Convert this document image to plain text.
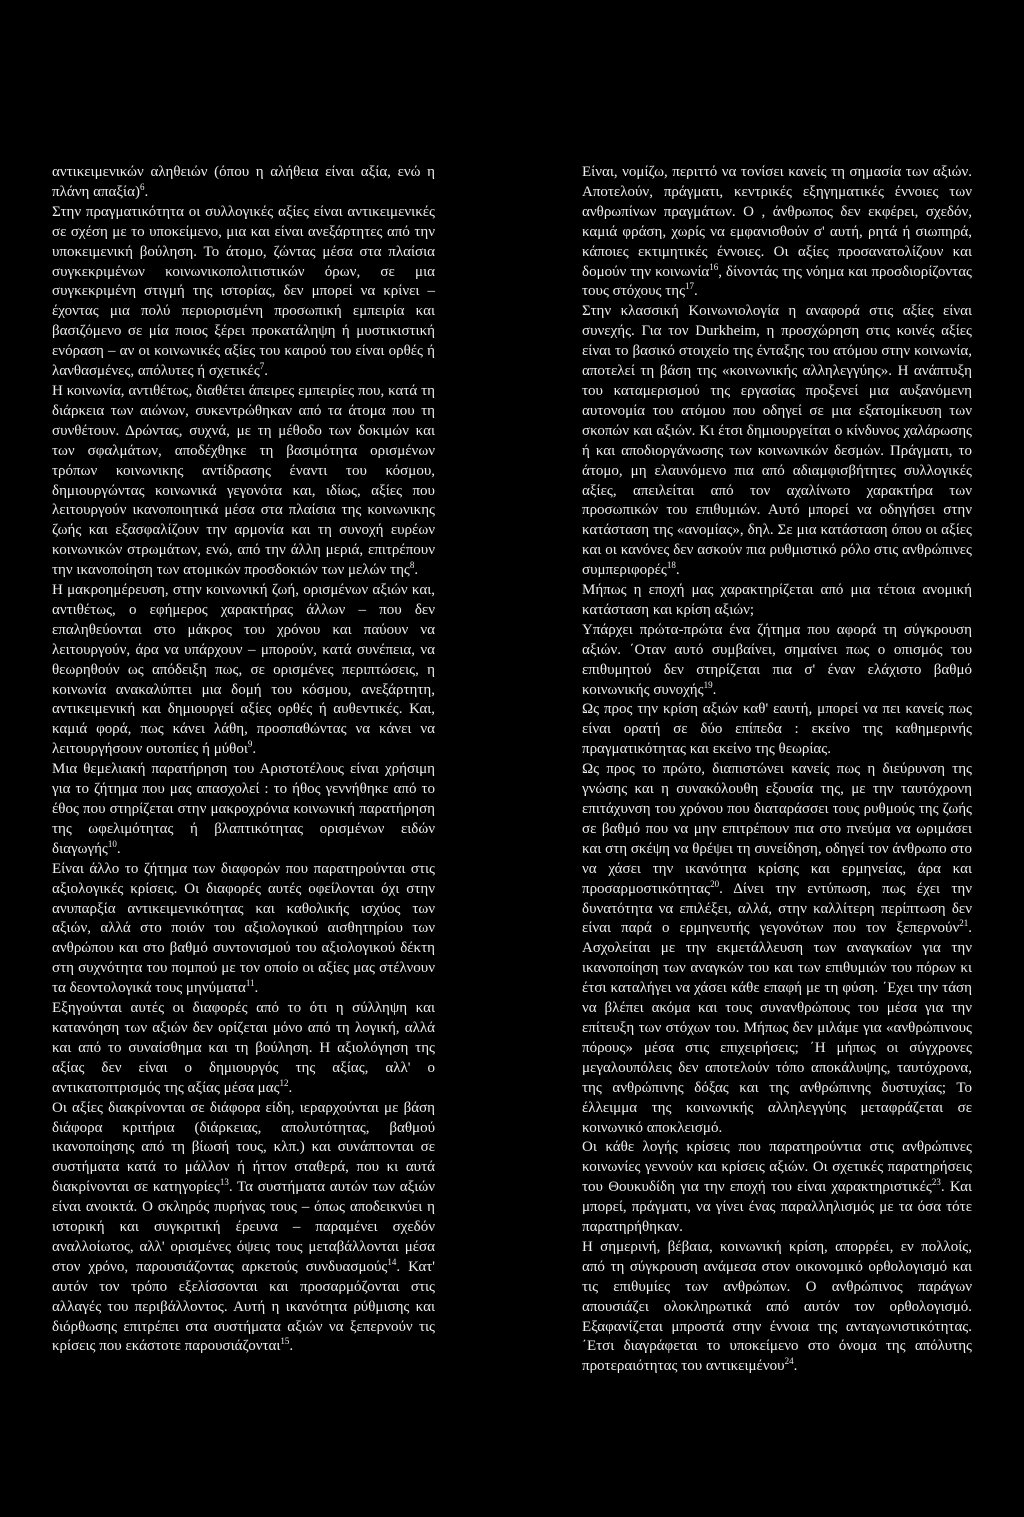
αντικειμενικών αληθειών (όπου η αλήθεια είναι αξία, ενώ η πλάνη απαξία)$^6$.

Στην πραγματικότητα οι συλλογικές αξίες είναι αντικειμενικές σε σχέση με το υποκείμενο, μια και είναι ανεξάρτητες από την υποκειμενική βούληση. Το άτομο, ζώντας μέσα στα πλαίσια συγκεκριμένων κοινωνικοπολιτιστικών όρων, σε μια συγκεκριμένη στιγμή της ιστορίας, δεν μπορεί να κρίνει – έχοντας μια πολύ περιορισμένη προσωπική εμπειρία και βασιζόμενο σε μία ποιος ξέρει προκατάληψη ή μυστικιστική ενόραση – αν οι κοινωνικές αξίες του καιρού του είναι ορθές ή λανθασμένες, απόλυτες ή σχετικές$^7$.

Η κοινωνία, αντιθέτως, διαθέτει άπειρες εμπειρίες που, κατά τη διάρκεια των αιώνων, συκεντρώθηκαν από τα άτομα που τη συνθέτουν. Δρώντας, συχνά, με τη μέθοδο των δοκιμών και των σφαλμάτων, αποδέχθηκε τη βασιμότητα ορισμένων τρόπων κοινωνικης αντίδρασης έναντι του κόσμου, δημιουργώντας κοινωνικά γεγονότα και, ιδίως, αξίες που λειτουργούν ικανοποιητικά μέσα στα πλαίσια της κοινωνικης ζωής και εξασφαλίζουν την αρμονία και τη συνοχή ευρέων κοινωνικών στρωμάτων, ενώ, από την άλλη μεριά, επιτρέπουν την ικανοποίηση των ατομικών προσδοκιών των μελών της$^8$.

Η μακροημέρευση, στην κοινωνική ζωή, ορισμένων αξιών και, αντιθέτως, ο εφήμερος χαρακτήρας άλλων – που δεν επαληθεύονται στο μάκρος του χρόνου και παύουν να λειτουργούν, άρα να υπάρχουν – μπορούν, κατά συνέπεια, να θεωρηθούν ως απόδειξη πως, σε ορισμένες περιπτώσεις, η κοινωνία ανακαλύπτει μια δομή του κόσμου, ανεξάρτητη, αντικειμενική και δημιουργεί αξίες ορθές ή αυθεντικές. Και, καμιά φορά, πως κάνει λάθη, προσπαθώντας να κάνει να λειτουργήσουν ουτοπίες ή μύθοι$^9$.

Μια θεμελιακή παρατήρηση του Αριστοτέλους είναι χρήσιμη για το ζήτημα που μας απασχολεί : το ήθος γεννήθηκε από το έθος που στηρίζεται στην μακροχρόνια κοινωνική παρατήρηση της ωφελιμότητας ή βλαπτικότητας ορισμένων ειδών διαγωγής$^{10}$.

Είναι άλλο το ζήτημα των διαφορών που παρατηρούνται στις αξιολογικές κρίσεις. Οι διαφορές αυτές οφείλονται όχι στην ανυπαρξία αντικειμενικότητας και καθολικής ισχύος των αξιών, αλλά στο ποιόν του αξιολογικού αισθητηρίου των ανθρώπου και στο βαθμό συντονισμού του αξιολογικού δέκτη στη συχνότητα του πομπού με τον οποίο οι αξίες μας στέλνουν τα δεοντολογικά τους μηνύματα$^{11}$.

Εξηγούνται αυτές οι διαφορές από το ότι η σύλληψη και κατανόηση των αξιών δεν ορίζεται μόνο από τη λογική, αλλά και από το συναίσθημα και τη βούληση. Η αξιολόγηση της αξίας δεν είναι ο δημιουργός της αξίας, αλλ' ο αντικατοπτρισμός της αξίας μέσα μας$^{12}$.

Οι αξίες διακρίνονται σε διάφορα είδη, ιεραρχούνται με βάση διάφορα κριτήρια (διάρκειας, απολυτότητας, βαθμού ικανοποίησης από τη βίωσή τους, κλπ.) και συνάπτονται σε συστήματα κατά το μάλλον ή ήττον σταθερά, που κι αυτά διακρίνονται σε κατηγορίες$^{13}$. Τα συστήματα αυτών των αξιών είναι ανοικτά. Ο σκληρός πυρήνας τους – όπως αποδεικνύει η ιστορική και συγκριτική έρευνα – παραμένει σχεδόν αναλλοίωτος, αλλ' ορισμένες όψεις τους μεταβάλλονται μέσα στον χρόνο, παρουσιάζοντας αρκετούς συνδυασμούς$^{14}$. Κατ' αυτόν τον τρόπο εξελίσσονται και προσαρμόζονται στις αλλαγές του περιβάλλοντος. Αυτή η ικανότητα ρύθμισης και διόρθωσης επιτρέπει στα συστήματα αξιών να ξεπερνούν τις κρίσεις που εκάστοτε παρουσιάζονται$^{15}$.

Είναι, νομίζω, περιττό να τονίσει κανείς τη σημασία των αξιών. Αποτελούν, πράγματι, κεντρικές εξηγηματικές έννοιες των ανθρωπίνων πραγμάτων. Ο , άνθρωπος δεν εκφέρει, σχεδόν, καμιά φράση, χωρίς να εμφανισθούν σ' αυτή, ρητά ή σιωπηρά, κάποιες εκτιμητικές έννοιες. Οι αξίες προσανατολίζουν και δομούν την κοινωνία$^{16}$, δίνοντάς της νόημα και προσδιορίζοντας τους στόχους της$^{17}$.

Στην κλασσική Κοινωνιολογία η αναφορά στις αξίες είναι συνεχής. Για τον Durkheim, η προσχώρηση στις κοινές αξίες είναι το βασικό στοιχείο της ένταξης του ατόμου στην κοινωνία, αποτελεί τη βάση της «κοινωνικής αλληλεγγύης». Η ανάπτυξη του καταμερισμού της εργασίας προξενεί μια αυξανόμενη αυτονομία του ατόμου που οδηγεί σε μια εξατομίκευση των σκοπών και αξιών. Κι έτσι δημιουργείται ο κίνδυνος χαλάρωσης ή και αποδιοργάνωσης των κοινωνικών δεσμών. Πράγματι, το άτομο, μη ελαυνόμενο πια από αδιαμφισβήτητες συλλογικές αξίες, απειλείται από τον αχαλίνωτο χαρακτήρα των προσωπικών του επιθυμιών. Αυτό μπορεί να οδηγήσει στην κατάσταση της «ανομίας», δηλ. Σε μια κατάσταση όπου οι αξίες και οι κανόνες δεν ασκούν πια ρυθμιστικό ρόλο στις ανθρώπινες συμπεριφορές$^{18}$.

Μήπως η εποχή μας χαρακτηρίζεται από μια τέτοια ανομική κατάσταση και κρίση αξιών;

Υπάρχει πρώτα-πρώτα ένα ζήτημα που αφορά τη σύγκρουση αξιών. ΄Οταν αυτό συμβαίνει, σημαίνει πως ο οπισμός του επιθυμητού δεν στηρίζεται πια σ' έναν ελάχιστο βαθμό κοινωνικής συνοχής$^{19}$.

Ως προς την κρίση αξιών καθ' εαυτή, μπορεί να πει κανείς πως είναι ορατή σε δύο επίπεδα : εκείνο της καθημερινής πραγματικότητας και εκείνο της θεωρίας.

Ως προς το πρώτο, διαπιστώνει κανείς πως η διεύρυνση της γνώσης και η συνακόλουθη εξουσία της, με την ταυτόχρονη επιτάχυνση του χρόνου που διαταράσσει τους ρυθμούς της ζωής σε βαθμό που να μην επιτρέπουν πια στο πνεύμα να ωριμάσει και στη σκέψη να θρέψει τη συνείδηση, οδηγεί τον άνθρωπο στο να χάσει την ικανότητα κρίσης και ερμηνείας, άρα και προσαρμοστικότητας$^{20}$. Δίνει την εντύπωση, πως έχει την δυνατότητα να επιλέξει, αλλά, στην καλλίτερη περίπτωση δεν είναι παρά ο ερμηνευτής γεγονότων που τον ξεπερνούν$^{21}$. Ασχολείται με την εκμετάλλευση των αναγκαίων για την ικανοποίηση των αναγκών του και των επιθυμιών του πόρων κι έτσι καταλήγει να χάσει κάθε επαφή με τη φύση. ΄Εχει την τάση να βλέπει ακόμα και τους συνανθρώπους του μέσα για την επίτευξη των στόχων του. Μήπως δεν μιλάμε για «ανθρώπινους πόρους» μέσα στις επιχειρήσεις; ΄Η μήπως οι σύγχρονες μεγαλουπόλεις δεν αποτελούν τόπο αποκάλυψης, ταυτόχρονα, της ανθρώπινης δόξας και της ανθρώπινης δυστυχίας; Το έλλειμμα της κοινωνικής αλληλεγγύης μεταφράζεται σε κοινωνικό αποκλεισμό.

Οι κάθε λογής κρίσεις που παρατηρούντια στις ανθρώπινες κοινωνίες γεννούν και κρίσεις αξιών. Οι σχετικές παρατηρήσεις του Θουκυδίδη για την εποχή του είναι χαρακτηριστικές$^{23}$. Και μπορεί, πράγματι, να γίνει ένας παραλληλισμός με τα όσα τότε παρατηρήθηκαν.

Η σημερινή, βέβαια, κοινωνική κρίση, απορρέει, εν πολλοίς, από τη σύγκρουση ανάμεσα στον οικονομικό ορθολογισμό και τις επιθυμίες των ανθρώπων. Ο ανθρώπινος παράγων απουσιάζει ολοκληρωτικά από αυτόν τον ορθολογισμό. Εξαφανίζεται μπροστά στην έννοια της ανταγωνιστικότητας. ΄Ετσι διαγράφεται το υποκείμενο στο όνομα της απόλυτης προτεραιότητας του αντικειμένου$^{24}$.
